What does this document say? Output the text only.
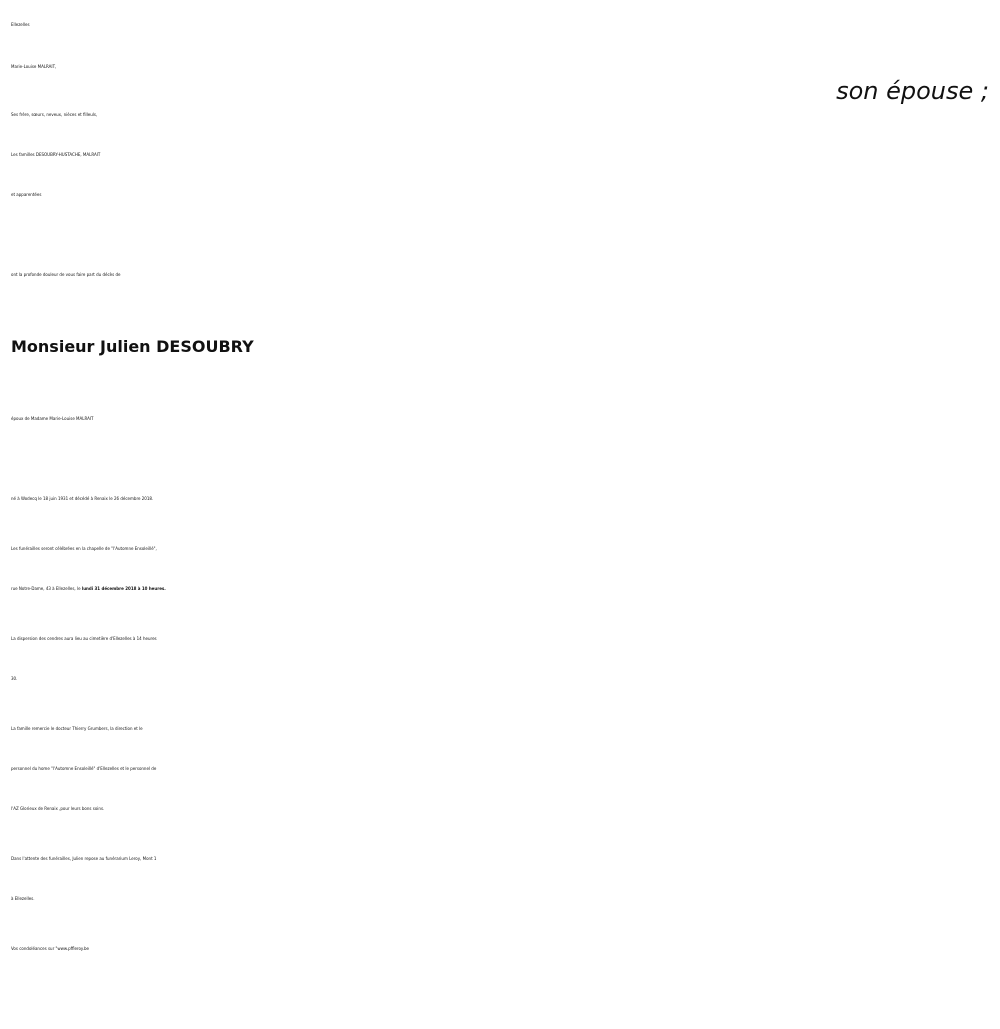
Ellezelles
Marie-Louise MALRAIT,
son épouse ;
Ses frère, sœurs, neveux, nièces et filleuls,
Les familles DESOUBRY-HUSTACHE, MALRAIT
et apparentées
ont la profonde douleur de vous faire part du décès de
Monsieur Julien DESOUBRY
époux de Madame Marie-Louise MALRAIT
né à Wodecq le 18 juin 1931 et décédé à Renaix le 26 décembre 2018.
Les funérailles seront célébrées en la chapelle de "l'Automne Ensoleillé",
rue Notre-Dame, 43 à Ellezelles, le lundi 31 décembre 2018 à 10 heures.
La dispersion des cendres aura lieu au cimetière d'Ellezelles à 14 heures
30.
La famille remercie le docteur Thierry Grumbers, la direction et le
personnel du home "l'Automne Ensoleillé" d'Ellezelles et le personnel de
l'AZ Glorieux de Renaix ,pour leurs bons soins.
Dans l'attente des funérailles, Julien repose au funérarium Leroy, Mont 1
à Ellezelles.
Vos condoléances sur "www.pffleroy.be
